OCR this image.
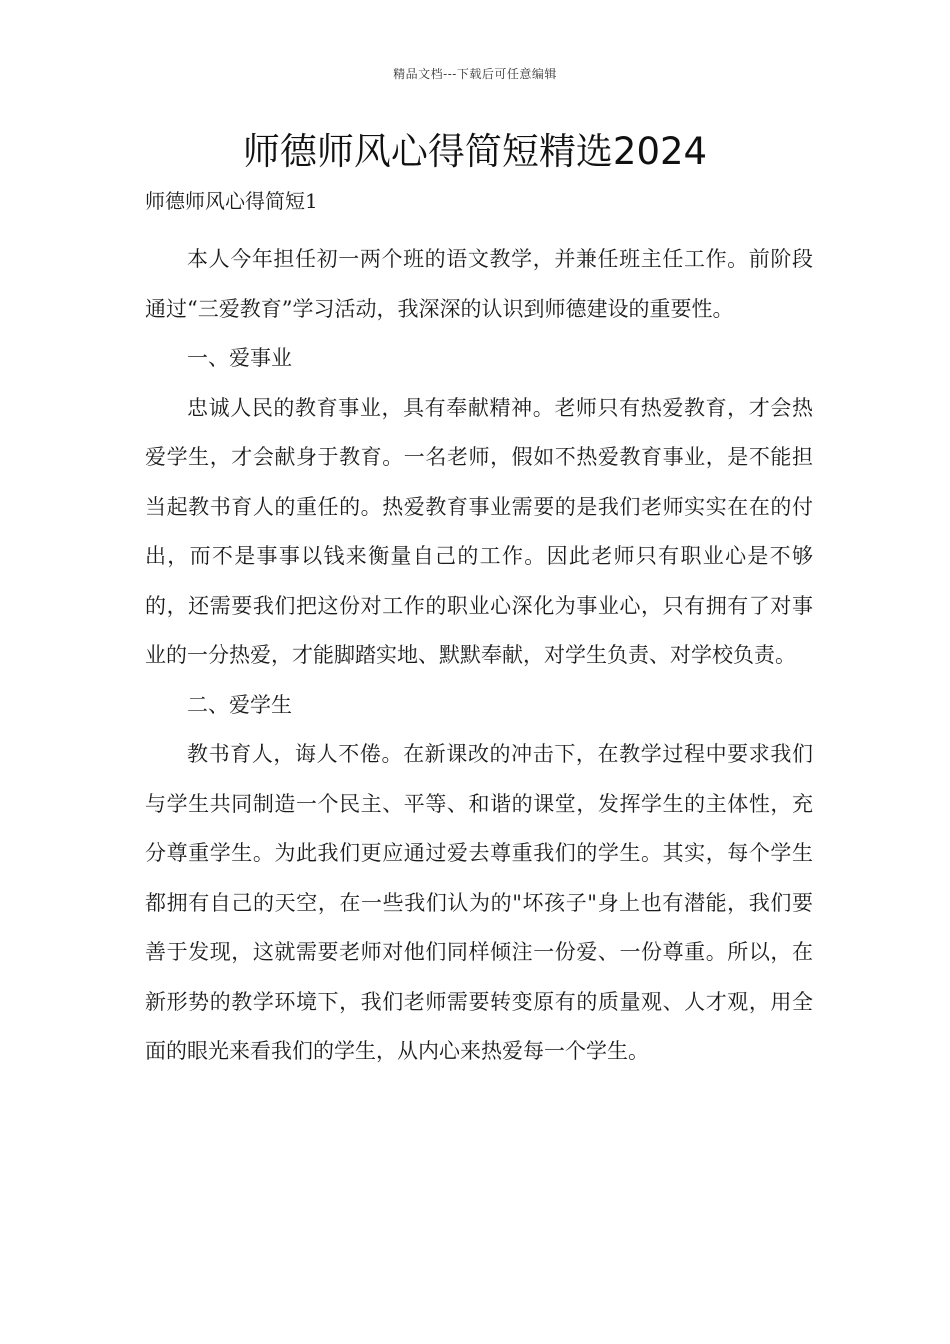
精品文档---下载后可任意编辑
师德师风心得简短精选2024

师德师风心得简短1

本人今年担任初一两个班的语文教学，并兼任班主任工作。前阶段通过“三爱教育”学习活动，我深深的认识到师德建设的重要性。

一、爱事业

忠诚人民的教育事业，具有奉献精神。老师只有热爱教育，才会热爱学生，才会献身于教育。一名老师，假如不热爱教育事业，是不能担当起教书育人的重任的。热爱教育事业需要的是我们老师实实在在的付出，而不是事事以钱来衡量自己的工作。因此老师只有职业心是不够的，还需要我们把这份对工作的职业心深化为事业心，只有拥有了对事业的一分热爱，才能脚踏实地、默默奉献，对学生负责、对学校负责。

二、爱学生

教书育人，诲人不倦。在新课改的冲击下，在教学过程中要求我们与学生共同制造一个民主、平等、和谐的课堂，发挥学生的主体性，充分尊重学生。为此我们更应通过爱去尊重我们的学生。其实，每个学生都拥有自己的天空，在一些我们认为的"坏孩子"身上也有潜能，我们要善于发现，这就需要老师对他们同样倾注一份爱、一份尊重。所以，在新形势的教学环境下，我们老师需要转变原有的质量观、人才观，用全面的眼光来看我们的学生，从内心来热爱每一个学生。
